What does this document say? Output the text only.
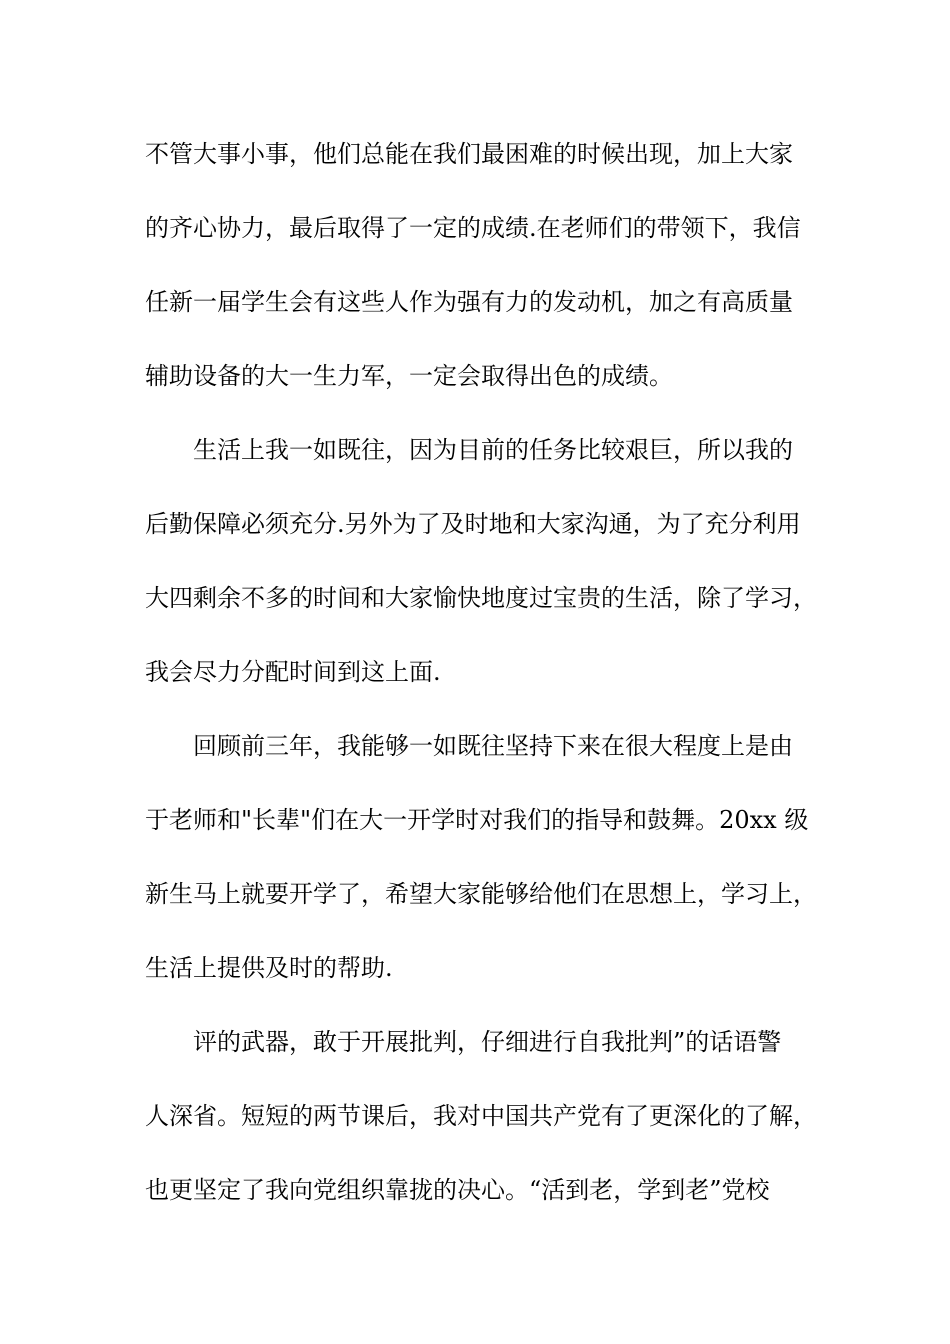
不管大事小事，他们总能在我们最困难的时候出现，加上大家
的齐心协力，最后取得了一定的成绩.在老师们的带领下，我信
任新一届学生会有这些人作为强有力的发动机，加之有高质量
辅助设备的大一生力军，一定会取得出色的成绩。
生活上我一如既往，因为目前的任务比较艰巨，所以我的
后勤保障必须充分.另外为了及时地和大家沟通，为了充分利用
大四剩余不多的时间和大家愉快地度过宝贵的生活，除了学习，
我会尽力分配时间到这上面.
回顾前三年，我能够一如既往坚持下来在很大程度上是由
于老师和"长辈"们在大一开学时对我们的指导和鼓舞。20xx 级
新生马上就要开学了，希望大家能够给他们在思想上，学习上，
生活上提供及时的帮助.
评的武器，敢于开展批判，仔细进行自我批判”的话语警
人深省。短短的两节课后，我对中国共产党有了更深化的了解，
也更坚定了我向党组织靠拢的决心。“活到老，学到老”党校
